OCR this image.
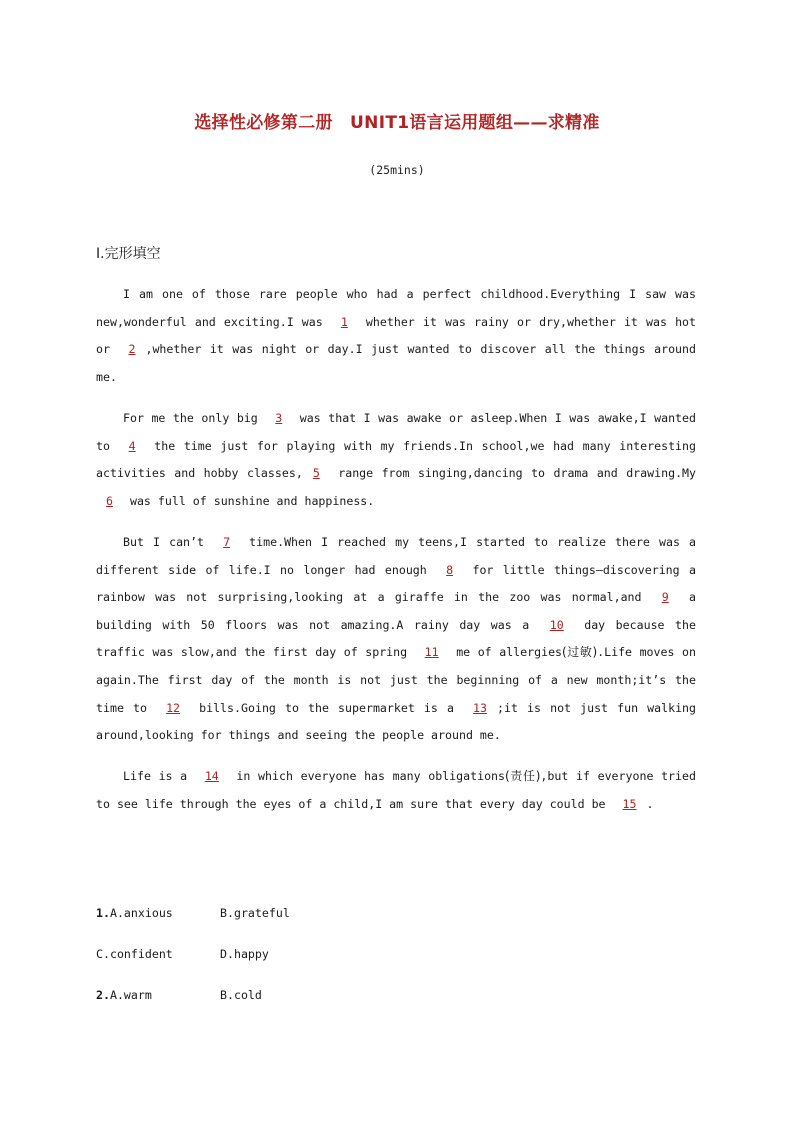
选择性必修第二册　UNIT1语言运用题组——求精准
(25mins)
Ⅰ.完形填空

I am one of those rare people who had a perfect childhood.Everything I saw was new,wonderful and exciting.I was 1 whether it was rainy or dry,whether it was hot or 2 ,whether it was night or day.I just wanted to discover all the things around me.

For me the only big 3 was that I was awake or asleep.When I was awake,I wanted to 4 the time just for playing with my friends.In school,we had many interesting activities and hobby classes, 5 range from singing,dancing to drama and drawing.My 6 was full of sunshine and happiness.

But I can’t 7 time.When I reached my teens,I started to realize there was a different side of life.I no longer had enough 8 for little things—discovering a rainbow was not surprising,looking at a giraffe in the zoo was normal,and 9 a building with 50 floors was not amazing.A rainy day was a 10 day because the traffic was slow,and the first day of spring 11 me of allergies(过敏).Life moves on again.The first day of the month is not just the beginning of a new month;it’s the time to 12 bills.Going to the supermarket is a 13 ;it is not just fun walking around,looking for things and seeing the people around me.

Life is a 14 in which everyone has many obligations(责任),but if everyone tried to see life through the eyes of a child,I am sure that every day could be 15 .

1.A.anxious	B.grateful
C.confident	D.happy
2.A.warm	B.cold
